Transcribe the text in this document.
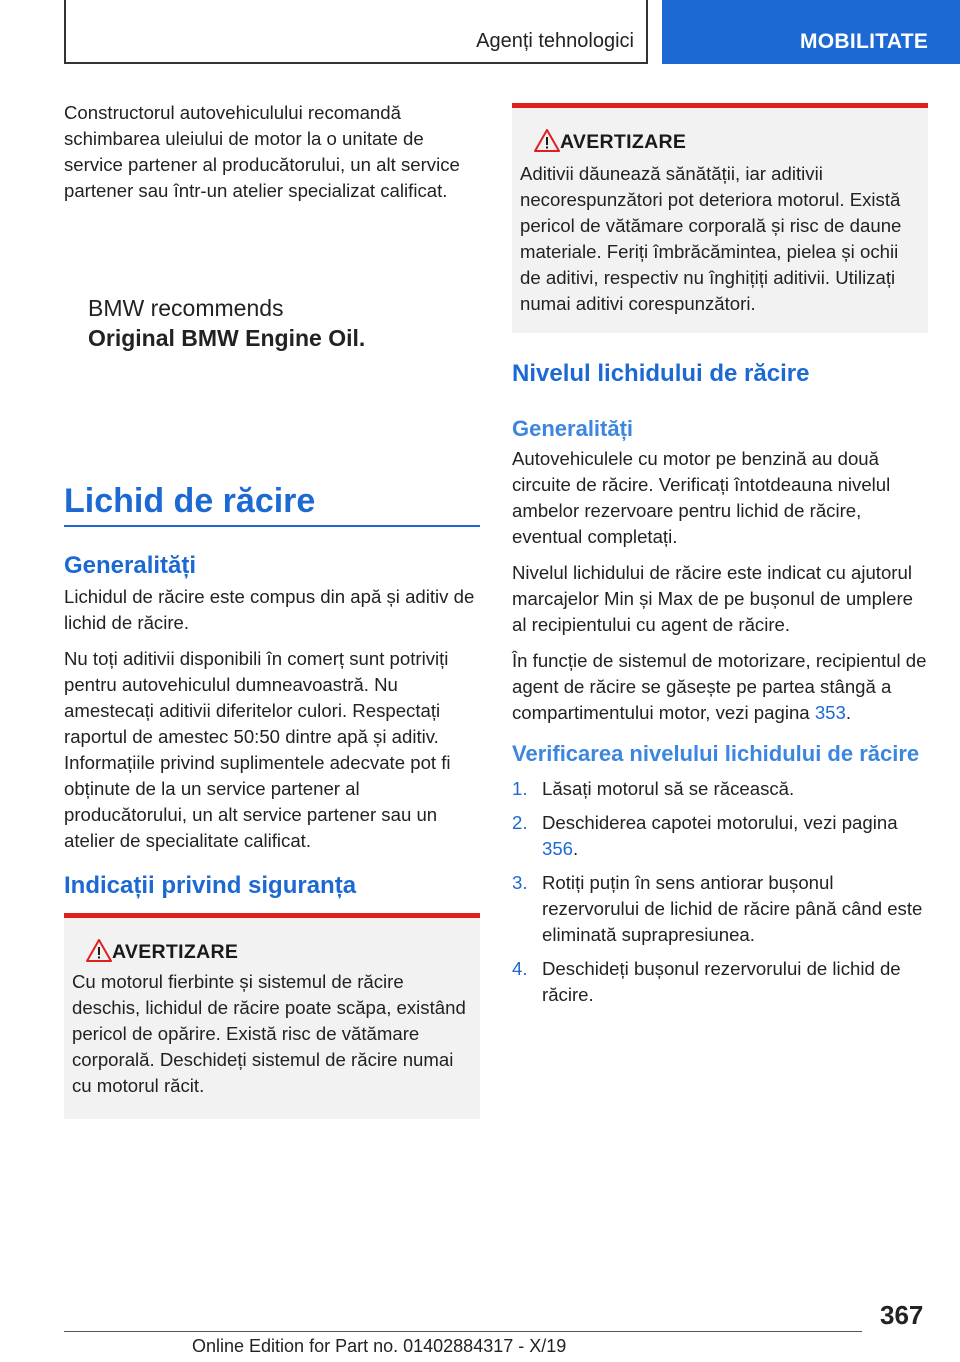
Agenți tehnologici	MOBILITATE

Constructorul autovehiculului recomandă schimbarea uleiului de motor la o unitate de service partener al producătorului, un alt service partener sau într-un atelier specializat calificat.

BMW recommends
Original BMW Engine Oil.
Lichid de răcire
Generalități

Lichidul de răcire este compus din apă și aditiv de lichid de răcire.

Nu toți aditivii disponibili în comerț sunt potriviți pentru autovehiculul dumneavoastră. Nu amestecați aditivii diferitelor culori. Respectați raportul de amestec 50:50 dintre apă și aditiv. Informațiile privind suplimentele adecvate pot fi obținute de la un service partener al producătorului, un alt service partener sau un atelier de specialitate calificat.

Indicații privind siguranța
AVERTIZARE

Cu motorul fierbinte și sistemul de răcire deschis, lichidul de răcire poate scăpa, existând pericol de opărire. Există risc de vătămare corporală. Deschideți sistemul de răcire numai cu motorul răcit.

AVERTIZARE

Aditivii dăunează sănătății, iar aditivii necorespunzători pot deteriora motorul. Există pericol de vătămare corporală și risc de daune materiale. Feriți îmbrăcămintea, pielea și ochii de aditivi, respectiv nu înghițiți aditivii. Utilizați numai aditivi corespunzători.

Nivelul lichidului de răcire
Generalități

Autovehiculele cu motor pe benzină au două circuite de răcire. Verificați întotdeauna nivelul ambelor rezervoare pentru lichid de răcire, eventual completați.

Nivelul lichidului de răcire este indicat cu ajutorul marcajelor Min și Max de pe bușonul de umplere al recipientului cu agent de răcire.

În funcție de sistemul de motorizare, recipientul de agent de răcire se găsește pe partea stângă a compartimentului motor, vezi pagina 353.

Verificarea nivelului lichidului de răcire
1. Lăsați motorul să se răcească.
2. Deschiderea capotei motorului, vezi pagina 356.
3. Rotiți puțin în sens antiorar bușonul rezervorului de lichid de răcire până când este eliminată suprapresiunea.
4. Deschideți bușonul rezervorului de lichid de răcire.
367
Online Edition for Part no. 01402884317 - X/19
